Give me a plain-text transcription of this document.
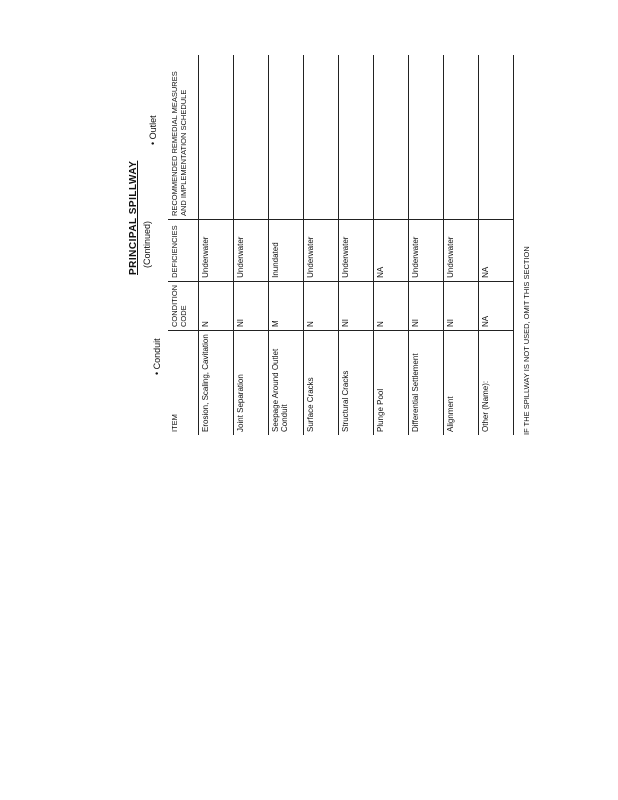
PRINCIPAL SPILLWAY (Continued)
• Conduit
• Outlet
ITEM	CONDITION CODE	DEFICIENCIES	RECOMMENDED REMEDIAL MEASURES AND IMPLEMENTATION SCHEDULE
Erosion, Scaling, Cavitation	N	Underwater	
Joint Separation	NI	Underwater	
Seepage Around Outlet Conduit	M	Inundated	
Surface Cracks	N	Underwater	
Structural Cracks	NI	Underwater	
Plunge Pool	N	NA	
Differential Settlement	NI	Underwater	
Alignment	NI	Underwater	
Other (Name):	NA	NA		IF THE SPILLWAY IS NOT USED, OMIT THIS SECTION
